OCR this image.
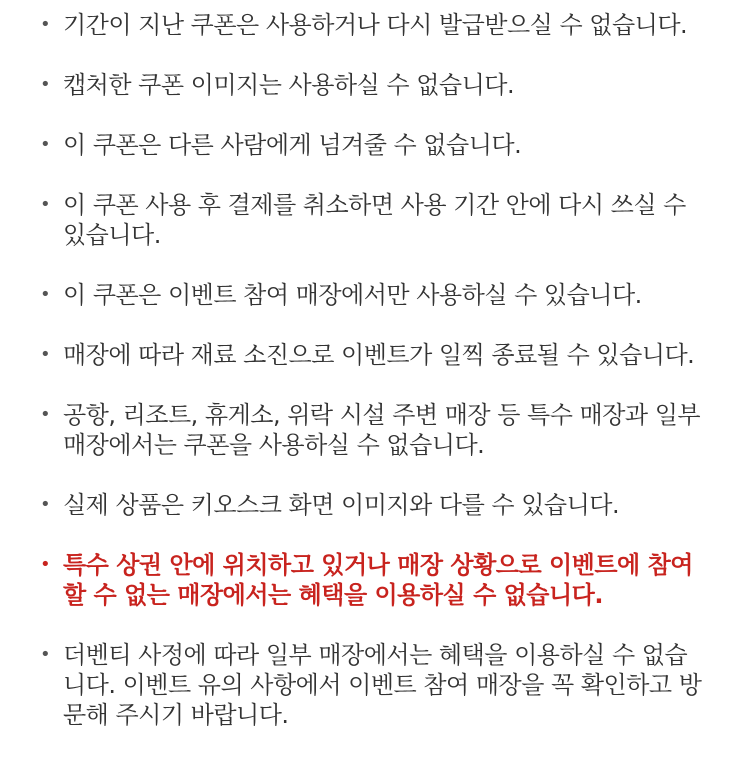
• 기간이 지난 쿠폰은 사용하거나 다시 발급받으실 수 없습니다.
• 캡처한 쿠폰 이미지는 사용하실 수 없습니다.
• 이 쿠폰은 다른 사람에게 넘겨줄 수 없습니다.
• 이 쿠폰 사용 후 결제를 취소하면 사용 기간 안에 다시 쓰실 수 있습니다.
• 이 쿠폰은 이벤트 참여 매장에서만 사용하실 수 있습니다.
• 매장에 따라 재료 소진으로 이벤트가 일찍 종료될 수 있습니다.
• 공항, 리조트, 휴게소, 위락 시설 주변 매장 등 특수 매장과 일부 매장에서는 쿠폰을 사용하실 수 없습니다.
• 실제 상품은 키오스크 화면 이미지와 다를 수 있습니다.
• 특수 상권 안에 위치하고 있거나 매장 상황으로 이벤트에 참여할 수 없는 매장에서는 혜택을 이용하실 수 없습니다.
• 더벤티 사정에 따라 일부 매장에서는 혜택을 이용하실 수 없습니다. 이벤트 유의 사항에서 이벤트 참여 매장을 꼭 확인하고 방문해 주시기 바랍니다.
